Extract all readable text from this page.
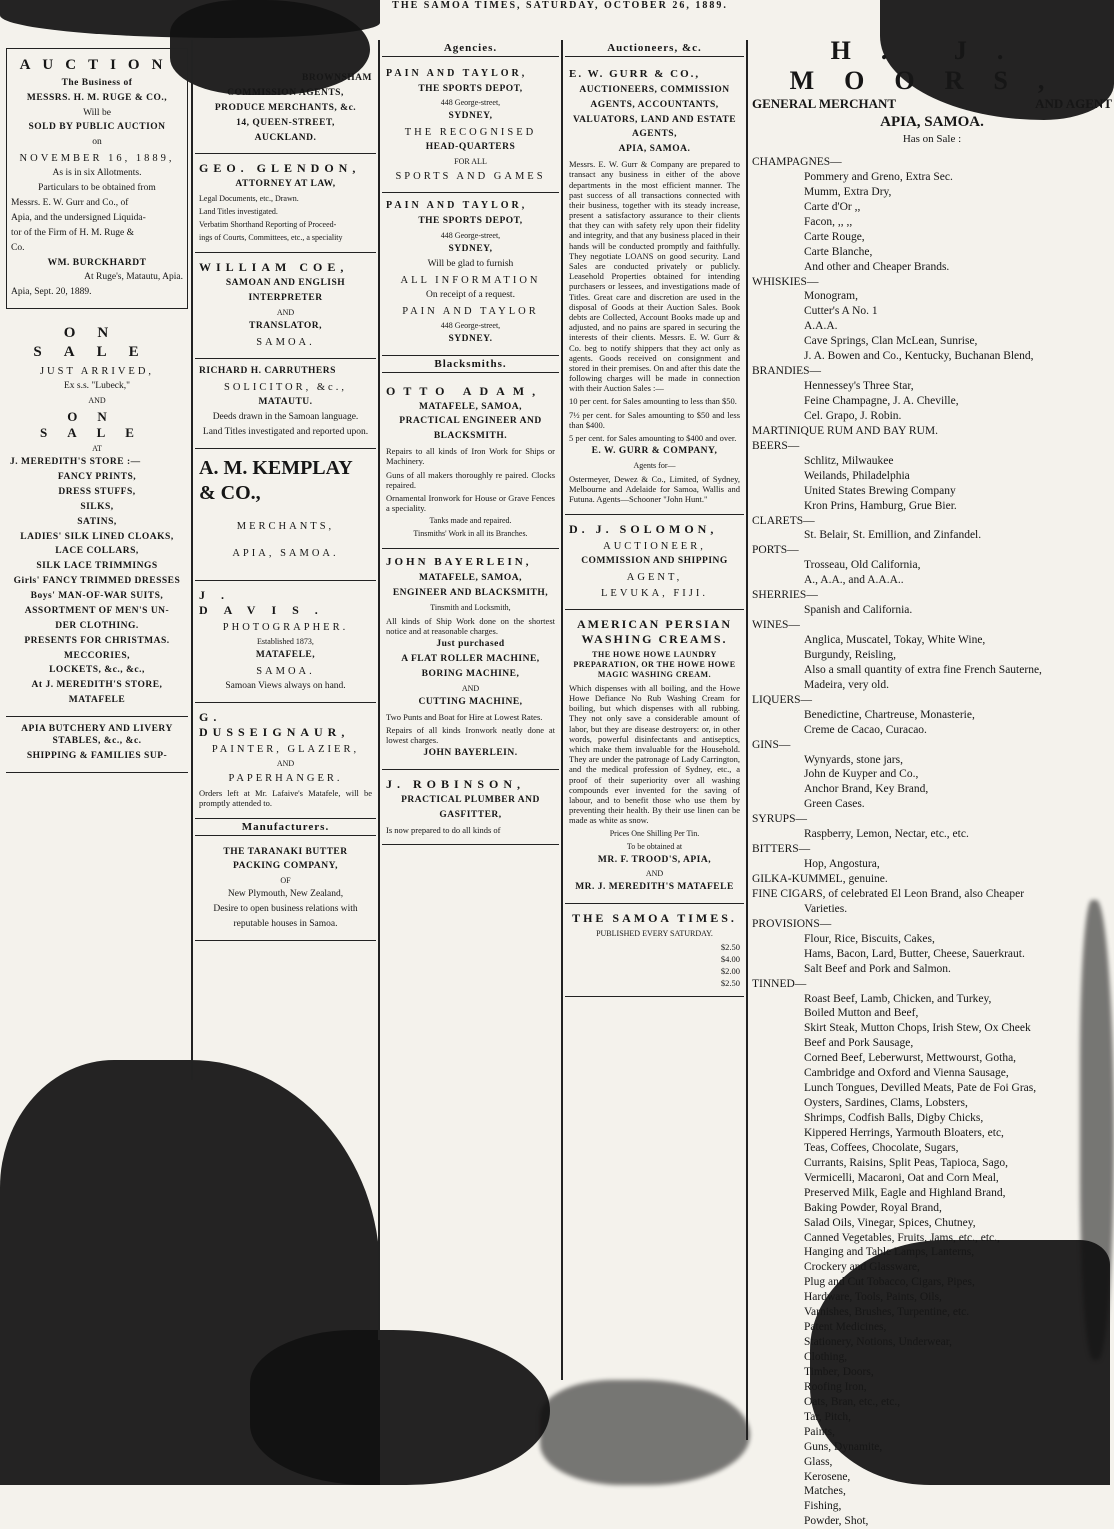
THE SAMOA TIMES, SATURDAY, OCTOBER 26, 1889.

AUCTION

The Business of

MESSRS. H. M. RUGE & CO.,

Will be

SOLD BY PUBLIC AUCTION

on

NOVEMBER 16, 1889,

As is in six Allotments.

Particulars to be obtained from

Messrs. E. W. Gurr and Co., of

Apia, and the undersigned Liquida-

tor of the Firm of H. M. Ruge &

Co.

WM. BURCKHARDT

At Ruge's, Matautu, Apia.

Apia, Sept. 20, 1889.

ON SALE

JUST ARRIVED,

Ex s.s. "Lubeck,"

AND

ON SALE

AT

J. MEREDITH'S STORE :—

FANCY PRINTS,

DRESS STUFFS,

SILKS,

SATINS,

LADIES' SILK LINED CLOAKS,

LACE COLLARS,

SILK LACE TRIMMINGS

Girls' FANCY TRIMMED DRESSES

Boys' MAN-OF-WAR SUITS,

ASSORTMENT OF MEN'S UN-

DER CLOTHING.

PRESENTS FOR CHRISTMAS.

MECCORIES,

LOCKETS, &c., &c.,

At J. MEREDITH'S STORE,

MATAFELE

APIA BUTCHERY AND LIVERY STABLES, &c., &c.

SHIPPING & FAMILIES SUP-

BROWNSHAM

COMMISSION AGENTS,

PRODUCE MERCHANTS, &c.

14, QUEEN-STREET,

AUCKLAND.

GEO. GLENDON,

ATTORNEY AT LAW,

Legal Documents, etc., Drawn.

Land Titles investigated.

Verbatim Shorthand Reporting of Proceed-

ings of Courts, Committees, etc., a speciality

WILLIAM COE,

SAMOAN AND ENGLISH

INTERPRETER

AND

TRANSLATOR,

SAMOA.

RICHARD H. CARRUTHERS

SOLICITOR, &c.,

MATAUTU.

Deeds drawn in the Samoan language.

Land Titles investigated and reported upon.

A. M. KEMPLAY & CO.,

MERCHANTS,

APIA, SAMOA.

J. DAVIS.

PHOTOGRAPHER.

Established 1873,

MATAFELE,

SAMOA.

Samoan Views always on hand.

G. DUSSEIGNAUR,

PAINTER, GLAZIER,

AND

PAPERHANGER.

Orders left at Mr. Lafaive's Matafele, will be promptly attended to.

Manufacturers.

THE TARANAKI BUTTER

PACKING COMPANY,

OF

New Plymouth, New Zealand,

Desire to open business relations with

reputable houses in Samoa.

Agencies.

PAIN AND TAYLOR,

THE SPORTS DEPOT,

448 George-street,

SYDNEY,

THE RECOGNISED

HEAD-QUARTERS

FOR ALL

SPORTS AND GAMES

PAIN AND TAYLOR,

THE SPORTS DEPOT,

448 George-street,

SYDNEY,

Will be glad to furnish

ALL INFORMATION

On receipt of a request.

PAIN AND TAYLOR

448 George-street,

SYDNEY.

Blacksmiths.

OTTO ADAM,

MATAFELE, SAMOA,

PRACTICAL ENGINEER AND

BLACKSMITH.

Repairs to all kinds of Iron Work for Ships or Machinery.

Guns of all makers thoroughly re paired. Clocks repaired.

Ornamental Ironwork for House or Grave Fences a speciality.

Tanks made and repaired.

Tinsmiths' Work in all its Branches.

JOHN BAYERLEIN,

MATAFELE, SAMOA,

ENGINEER AND BLACKSMITH,

Tinsmith and Locksmith,

All kinds of Ship Work done on the shortest notice and at reasonable charges.

Just purchased

A FLAT ROLLER MACHINE,

BORING MACHINE,

AND

CUTTING MACHINE,

Two Punts and Boat for Hire at Lowest Rates.

Repairs of all kinds Ironwork neatly done at lowest charges.

JOHN BAYERLEIN.

J. ROBINSON,

PRACTICAL PLUMBER AND

GASFITTER,

Is now prepared to do all kinds of

Auctioneers, &c.

E. W. GURR & CO.,

AUCTIONEERS, COMMISSION

AGENTS, ACCOUNTANTS,

VALUATORS, LAND AND ESTATE

AGENTS,

APIA, SAMOA.

Messrs. E. W. Gurr & Company are prepared to transact any business in either of the above departments in the most efficient manner. The past success of all transactions connected with their business, together with its steady increase, present a satisfactory assurance to their clients that they can with safety rely upon their fidelity and integrity, and that any business placed in their hands will be conducted promptly and faithfully. They negotiate LOANS on good security. Land Sales are conducted privately or publicly. Leasehold Properties obtained for intending purchasers or lessees, and investigations made of Titles. Great care and discretion are used in the disposal of Goods at their Auction Sales. Book debts are Collected, Account Books made up and adjusted, and no pains are spared in securing the interests of their clients. Messrs. E. W. Gurr & Co. beg to notify shippers that they act only as agents. Goods received on consignment and stored in their premises. On and after this date the following charges will be made in connection with their Auction Sales :—

10 per cent. for Sales amounting to less than $50.

7½ per cent. for Sales amounting to $50 and less than $400.

5 per cent. for Sales amounting to $400 and over.

E. W. GURR & COMPANY,

Agents for—

Ostermeyer, Dewez & Co., Limited, of Sydney, Melbourne and Adelaide for Samoa, Wallis and Futuna. Agents—Schooner "John Hunt."

D. J. SOLOMON,

AUCTIONEER,

COMMISSION AND SHIPPING

AGENT,

LEVUKA, FIJI.

AMERICAN PERSIAN WASHING CREAMS.

THE HOWE HOWE LAUNDRY PREPARATION, OR THE HOWE HOWE MAGIC WASHING CREAM.

Which dispenses with all boiling, and the Howe Howe Defiance No Rub Washing Cream for boiling, but which dispenses with all rubbing. They not only save a considerable amount of labor, but they are disease destroyers: or, in other words, powerful disinfectants and antiseptics, which make them invaluable for the Household. They are under the patronage of Lady Carrington, and the medical profession of Sydney, etc., a proof of their superiority over all washing compounds ever invented for the saving of labour, and to benefit those who use them by preventing their health. By their use linen can be made as white as snow.

Prices One Shilling Per Tin.

To be obtained at

MR. F. TROOD'S, APIA,

AND

MR. J. MEREDITH'S MATAFELE

THE SAMOA TIMES.

PUBLISHED EVERY SATURDAY.

$2.50
$4.00
$2.00
$2.50

H. J. MOORS,

GENERAL MERCHANT	AND AGENT

APIA, SAMOA.

Has on Sale :

CHAMPAGNES—
Pommery and Greno, Extra Sec.
Mumm, Extra Dry,
Carte d'Or ,,
Facon, ,, ,,
Carte Rouge,
Carte Blanche,
And other and Cheaper Brands.
WHISKIES—
Monogram,
Cutter's A No. 1
A.A.A.
Cave Springs, Clan McLean, Sunrise,
J. A. Bowen and Co., Kentucky, Buchanan Blend,
BRANDIES—
Hennessey's Three Star,
Feine Champagne, J. A. Cheville,
Cel. Grapo, J. Robin.
MARTINIQUE RUM AND BAY RUM.
BEERS—
Schlitz, Milwaukee
Weilands, Philadelphia
United States Brewing Company
Kron Prins, Hamburg, Grue Bier.
CLARETS—
St. Belair, St. Emillion, and Zinfandel.
PORTS—
Trosseau, Old California,
A., A.A., and A.A.A..
SHERRIES—
Spanish and California.
WINES—
Anglica, Muscatel, Tokay, White Wine,
Burgundy, Reisling,
Also a small quantity of extra fine French Sauterne,
Madeira, very old.
LIQUERS—
Benedictine, Chartreuse, Monasterie,
Creme de Cacao, Curacao.
GINS—
Wynyards, stone jars,
John de Kuyper and Co.,
Anchor Brand, Key Brand,
Green Cases.
SYRUPS—
Raspberry, Lemon, Nectar, etc., etc.
BITTERS—
Hop, Angostura,
GILKA-KUMMEL, genuine.
FINE CIGARS, of celebrated El Leon Brand, also Cheaper
Varieties.
PROVISIONS—
Flour, Rice, Biscuits, Cakes,
Hams, Bacon, Lard, Butter, Cheese, Sauerkraut.
Salt Beef and Pork and Salmon.
TINNED—
Roast Beef, Lamb, Chicken, and Turkey,
Boiled Mutton and Beef,
Skirt Steak, Mutton Chops, Irish Stew, Ox Cheek
Beef and Pork Sausage,
Corned Beef, Leberwurst, Mettwourst, Gotha,
Cambridge and Oxford and Vienna Sausage,
Lunch Tongues, Devilled Meats, Pate de Foi Gras,
Oysters, Sardines, Clams, Lobsters,
Shrimps, Codfish Balls, Digby Chicks,
Kippered Herrings, Yarmouth Bloaters, etc,
Teas, Coffees, Chocolate, Sugars,
Currants, Raisins, Split Peas, Tapioca, Sago,
Vermicelli, Macaroni, Oat and Corn Meal,
Preserved Milk, Eagle and Highland Brand,
Baking Powder, Royal Brand,
Salad Oils, Vinegar, Spices, Chutney,
Canned Vegetables, Fruits, Jams, etc., etc.,
Hanging and Table Lamps, Lanterns,
Crockery and Glassware,
Plug and Cut Tobacco, Cigars, Pipes,
Hardware, Tools, Paints, Oils,
Varnishes, Brushes, Turpentine, etc.
Patent Medicines,
Stationery, Notions, Underwear,
Clothing,
Timber, Doors,
Roofing Iron,
Oats, Bran, etc., etc.,
Tar, Pitch,
Paints,
Guns, Dynamite,
Glass,
Kerosene,
Matches,
Fishing,
Powder, Shot,
